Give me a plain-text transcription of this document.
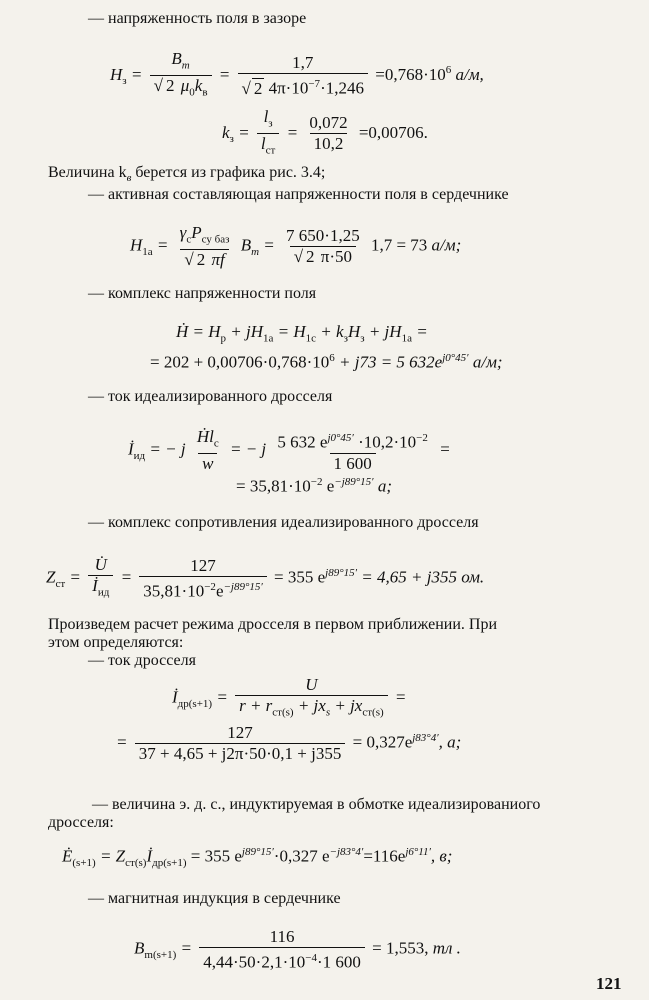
— напряженность поля в зазоре
$H_з = \frac{B_m}{√ 2 \mu_0k_в} = \frac{1,7}{√ 2 4\pi\cdot 10^{-7}\cdot 1,246} =0,768\cdot 10^6$ а/м,
$k_з = \frac{l_з}{l_{ст}} = \frac{0,072}{10,2} =0,00706$.
Величина $k_в$ берется из графика рис. 3.4;
— активная составляющая напряженности поля в сердечнике
$H_{1а} = \frac{\gamma_cP_{су баз}}{√ 2 \pi f} B_m = \frac{7 650\cdot 1,25}{√ 2 \pi\cdot 50} 1,7 = 73$ а/м;
— комплекс напряженности поля
Ḣ = $H_р + jH_{1а} = H_{1с} + k_зH_з + jH_{1а}$ =
= $202 + 0,00706\cdot 0,768\cdot 10^6 + j73 = 5$ $632e^{j0^\circ 45'}$ а/м;
— ток идеализированного дросселя
$İ_{ид}$ = − j $\frac{Ḣl_c}{w}$ = − j $\frac{5 632 e^{j0^\circ 45'} \cdot 10,2\cdot 10^{-2}}{1 600}$ =
= $35,81\cdot 10^{-2}$ $e^{-j89^\circ 15'}$ а;
— комплекс сопротивления идеализированного дросселя
$Z_{ст} = \frac{U̇}{İ_{ид}} = \frac{127}{35,81\cdot 10^{-2}e^{-j89^\circ 15'}} = 355$ $e^{j89^\circ 15'} = 4,65 + j355$ ом.
Произведем расчет режима дросселя в первом приближении. При
этом определяются:
— ток дросселя
$İ_{др(s+1)} = \frac{U}{r + r_{ст(s)} + jx_s + jx_{ст(s)}}$ =
= $\frac{127}{37 + 4,65 + j2\pi\cdot 50\cdot 0,1 + j355} = 0,327e^{j83^\circ 4'}$, а;
— величина э. д. с., индуктируемая в обмотке идеализированиого
дросселя:
$Ė_{(s+1)}$ = $Z_{ст(s)}İ_{др(s+1)} = 355$ $e^{j89^\circ 15'}\cdot 0,327$ $e^{-j83^\circ 4'}=116e^{j6^\circ 11'}$, в;
— магнитная индукция в сердечнике
$B_{m(s+1)} = \frac{116}{4,44\cdot 50\cdot 2,1\cdot 10^{-4}\cdot 1 600} = 1,553$, тл .
121
